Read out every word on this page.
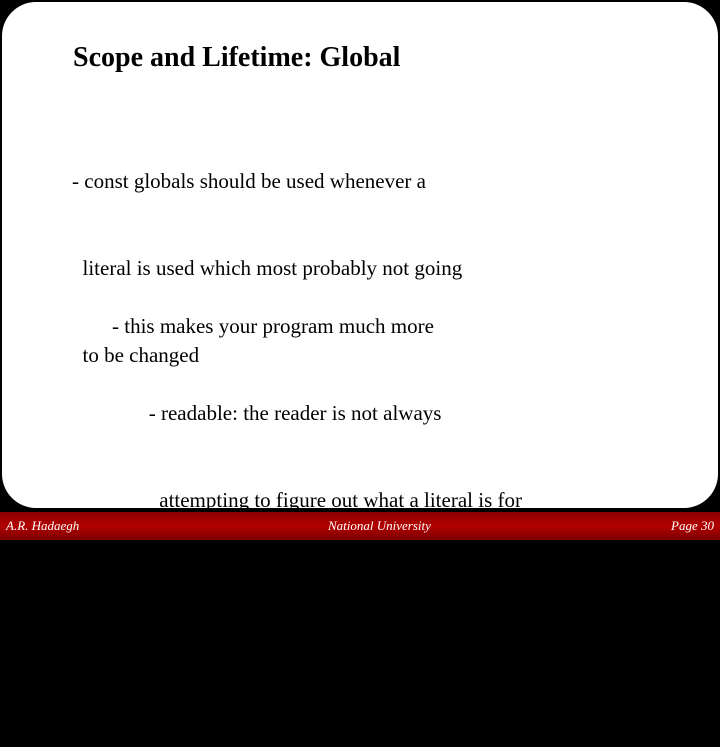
Scope and Lifetime: Global

- const globals should be used whenever a

literal is used which most probably not going

to be changed

- this makes your program much more

- readable: the reader is not always

attempting to figure out what a literal is for

- changeable: need only change the literal

once at top (instead of throughout program)

A.R. Hadaegh	National University	Page 30
